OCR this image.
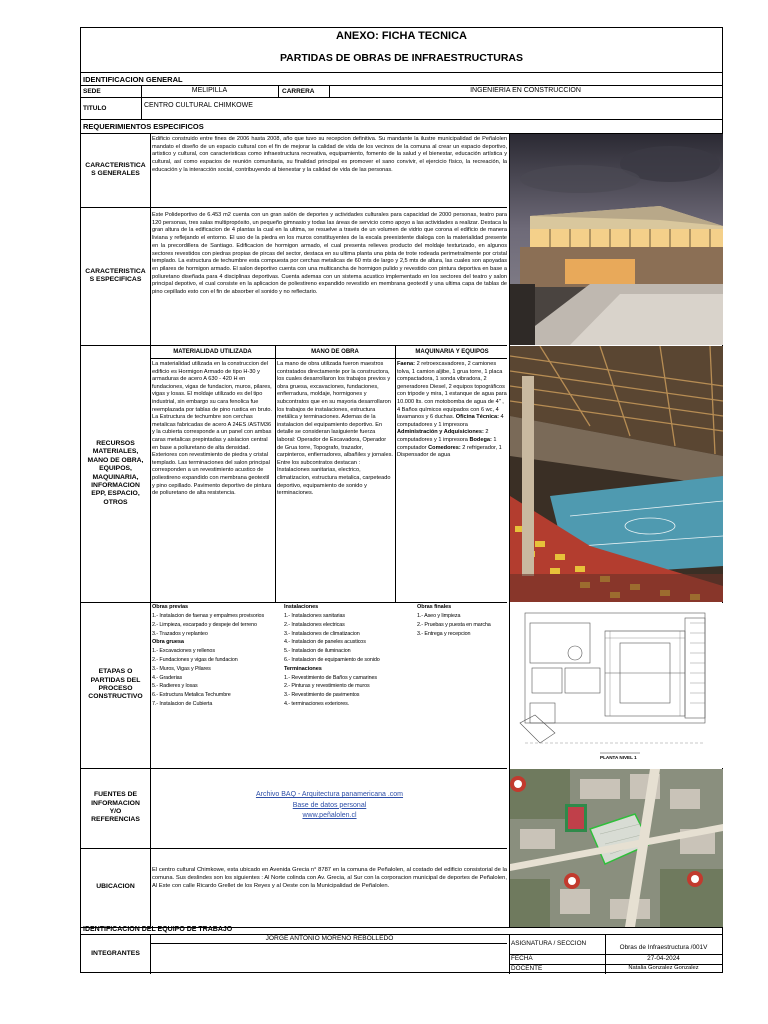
ANEXO: FICHA TECNICA
PARTIDAS DE OBRAS DE INFRAESTRUCTURAS
IDENTIFICACION GENERAL
SEDE	MELIPILLA	CARRERA	INGENIERIA EN CONSTRUCCION
TITULO	CENTRO CULTURAL CHIMKOWE
REQUERIMIENTOS ESPECIFICOS
CARACTERISTICA S GENERALES
Edificio construido entre fines de 2006 hasta 2008, año que tuvo su recepcion definitiva. Su mandante la ilustre municipalidad de Peñalolen mandato el diseño de un espacio cultural con el fin de mejorar la calidad de vida de los vecinos de la comuna al crear un espacio deportivo, artistico y cultural, con caracteristicas como infraestructura recreativa, equipamiento, fomento de la salud y el bienestar, educación artística y cultural, así como espacios de reunión comunitaria, su finalidad principal es promover el sano convivir, el ejercicio físico, la recreación, la educación y la interacción social, contribuyendo al bienestar y la calidad de vida de las personas.
CARACTERISTICA S ESPECIFICAS
Este Polideportivo de 6.453 m2 cuenta con un gran salón de deportes y actividades culturales para capacidad de 2000 personas, teatro para 120 personas, tres salas multipropósito, un pequeño gimnasio y todas las áreas de servicio como apoyo a las actividades a realizar. Destaca la gran altura de la edificacion de 4 plantas la cual en la ultima, se resuelve a través de un volumen de vidrio que corona el edificio de manera liviana y reflejando el entorno. El uso de la piedra en los muros constituyentes de la escala preexistente dialoga con la materialidad presente en la precordillera de Santiago. Edificacion de hormigon armado, el cual presenta relieves producto del moldaje texturizado, en algunos sectores revestidos con piedras propias de pircas del sector, destaca en su ultima planta una pista de trote rodeada perimetralmente por cristal templado. La estructura de techumbre esta compuesta por cerchas metalicas de 60 mts de largo y 2,5 mts de altura, las cuales son apoyadas en pilares de hormigon armado. El salon deportivo cuenta con una multicancha de hormigon pulido y revestido con pintura deportiva en base a poliuretano diseñada para 4 disciplinas deportivas. Cuenta ademas con un sistema acustico implementado en los sectores del teatro y salon principal depotivo, el cual consiste en la aplicacion de poliestireno expandido revestido en membrana geotextil y una ultima capa de tablas de pino cepillado esto con el fin de absorber el sonido y no reflectario.
RECURSOS MATERIALES, MANO DE OBRA, EQUIPOS, MAQUINARIA, INFORMACION EPP, ESPACIO, OTROS
MATERIALIDAD UTILIZADA	MANO DE OBRA	MAQUINARIA Y EQUIPOS
La materialidad utilizada en la construccion del edificio es Hormigon Armado de tipo H-30 y armaduras de acero A 630 - 420 H en fundaciones, vigas de fundacion, muros, pilares, vigas y losas. El moldaje utilizado es del tipo industrial, sin embargo su cara fenolica fue reemplazada por tablas de pino rustica en bruto. La Estructura de techumbre son cerchas metalicas fabricadas de acero A 24ES /ASTM36 y la cubierta corresponde a un panel con ambas caras metalicas prepintadas y aislacion central en base a poliuretano de alta densidad. Exteriores con revestimiento de piedra y cristal templado. Las terminaciones del salon principal corresponden a un revestimiento acustico de poliestireno expandido con membrana geotextil y pino cepillado. Pavimento deportivo de pintura de poliuretano de alta resistencia.
La mano de obra utilizada fueron maestros contratados directamente por la constructora, los cuales desarrollaron los trabajos previos y obra gruesa, excavaciones, fundaciones, enfierradura, moldaje, hormigones y subcontratos que en su mayoria desarrollaron los trabajos de instalaciones, estructura metálica y terminaciones. Ademas de la instalacion del equipamiento deportivo. En detalle se consideran lasiguiente fuerza laboral: Operador de Excavadora, Operador de Grua torre, Topografo, trazador, carpinteros, enfierradores, albañiles y jornales. Entre los subcontratos destacan : Instalaciones sanitarias, electrico, climatizacion, estructura metalica, carpeteado deportivo, equipamiento de sonido y terminaciones.
Faena: 2 retroexcavadores, 2 camiones tolva, 1 camion aljibe, 1 grua torre, 1 placa compactadora, 1 sonda vibradora, 2 generadores Diesel, 2 equipos topográficos con tripode y mira, 1 estanque de agua para 10.000 lts. con motobomba de agua de 4" , 4 Baños químicos equipados con 6 wc, 4 lavamanos y 6 duchas. Oficina Técnica: 4 computadores y 1 impresora Administración y Adquisiciones: 2 computadores y 1 impresora Bodega: 1 computador Comedores: 2 refrigerador, 1 Dispensador de agua
ETAPAS O PARTIDAS DEL PROCESO CONSTRUCTIVO
Obras previas
1.- Instalacion de faenas y empalmes provisorios
2.- Limpieza, escarpado y despeje del terreno
3.- Trazados y replanteo
Obra gruesa
1.- Excavaciones y rellenos
2.- Fundaciones y vigas de fundacion
3.- Muros, Vigas y Pilares
4.- Graderias
5.- Radieres y losas
6.- Estructura Metalica Techumbre
7.- Instalacion de Cubierta
Instalaciones
1.- Instalaciones sanitarias
2.- Instalaciones electricas
3.- Instalaciones de climatizacion
4.- Instalacion de paneles acusticos
5.- Instalacion de iluminacion
6.- Instalacion de equipamiento de sonido
Terminaciones
1.- Revestimiento de Baños y camarines
2.- Pinturas y revestimiento de muros
3.- Revestimiento de pavimentos
4.- terminaciones exteriores.
Obras finales
1.- Aseo y limpieza
2.- Pruebas y puesta en marcha
3.- Entrega y recepcion
FUENTES DE INFORMACION Y/O REFERENCIAS
Archivo BAQ - Arquitectura panamericana .com
Base de datos personal
www.peñalolen.cl
UBICACION
El centro cultural Chimkowe, esta ubicado en Avenida Grecia n° 8787 en la comuna de Peñalolen, al costado del edificio consistorial de la comuna. Sus deslindes son los siguientes : Al Norte colinda con Av. Grecia, al Sur con la corporacion municipal de deportes de Peñalolen, Al Este con calle Ricardo Grellet de los Reyes y al Oeste con la Municipalidad de Peñalolen.
PLANTA NIVEL 1
IDENTIFICACION DEL EQUIPO DE TRABAJO
INTEGRANTES
JORGE ANTONIO MORENO REBOLLEDO
ASIGNATURA / SECCION
Obras de Infraestructura /001V
FECHA	27-04-2024
DOCENTE	Natalia Gonzalez Gonzalez
